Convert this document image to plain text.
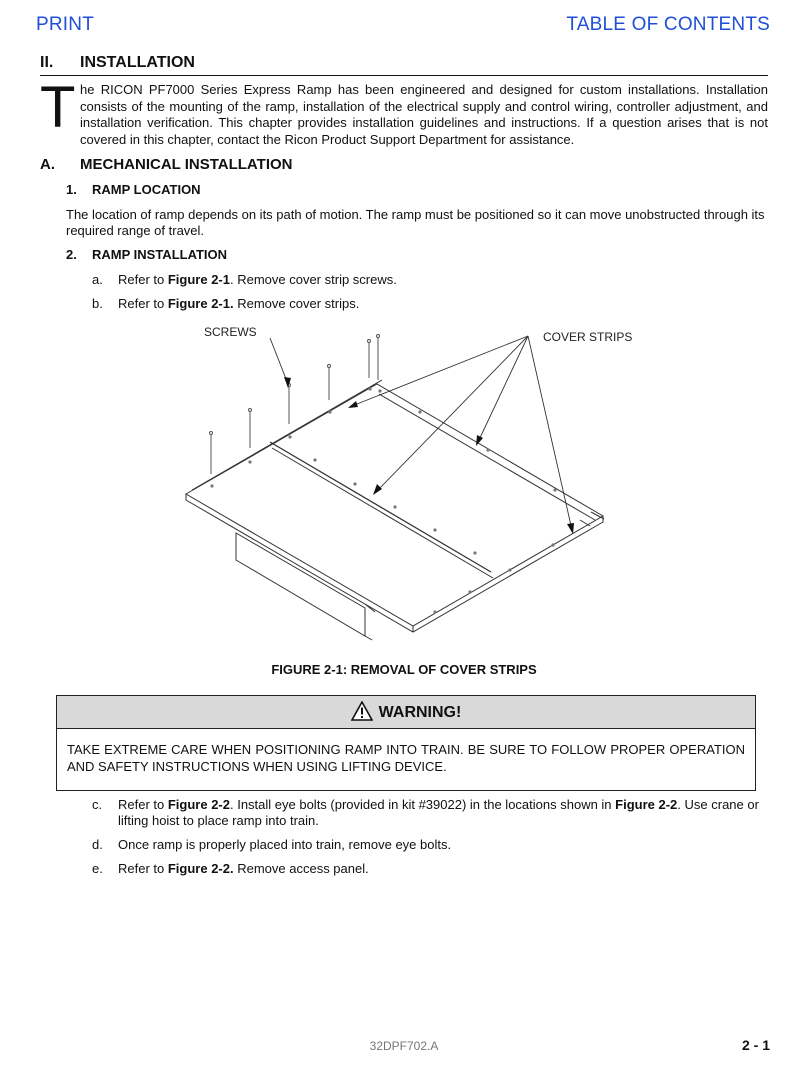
PRINT	TABLE OF CONTENTS
II. INSTALLATION
T he RICON PF7000 Series Express Ramp has been engineered and designed for custom installations. Installation consists of the mounting of the ramp, installation of the electrical supply and control wiring, controller adjustment, and installation verification. This chapter provides installation guidelines and instructions. If a question arises that is not covered in this chapter, contact the Ricon Product Support Department for assistance.

A. MECHANICAL INSTALLATION
1. RAMP LOCATION

The location of ramp depends on its path of motion. The ramp must be positioned so it can move unobstructed through its required range of travel.

2. RAMP INSTALLATION
a. Refer to Figure 2-1. Remove cover strip screws.
b. Refer to Figure 2-1. Remove cover strips.
SCREWS	COVER STRIPS
FIGURE 2-1: REMOVAL OF COVER STRIPS
WARNING!

TAKE EXTREME CARE WHEN POSITIONING RAMP INTO TRAIN. BE SURE TO FOLLOW PROPER OPERATION AND SAFETY INSTRUCTIONS WHEN USING LIFTING DEVICE.

c. Refer to Figure 2-2. Install eye bolts (provided in kit #39022) in the locations shown in Figure 2-2. Use crane or lifting hoist to place ramp into train.
d. Once ramp is properly placed into train, remove eye bolts.
e. Refer to Figure 2-2. Remove access panel.
32DPF702.A	2 - 1
